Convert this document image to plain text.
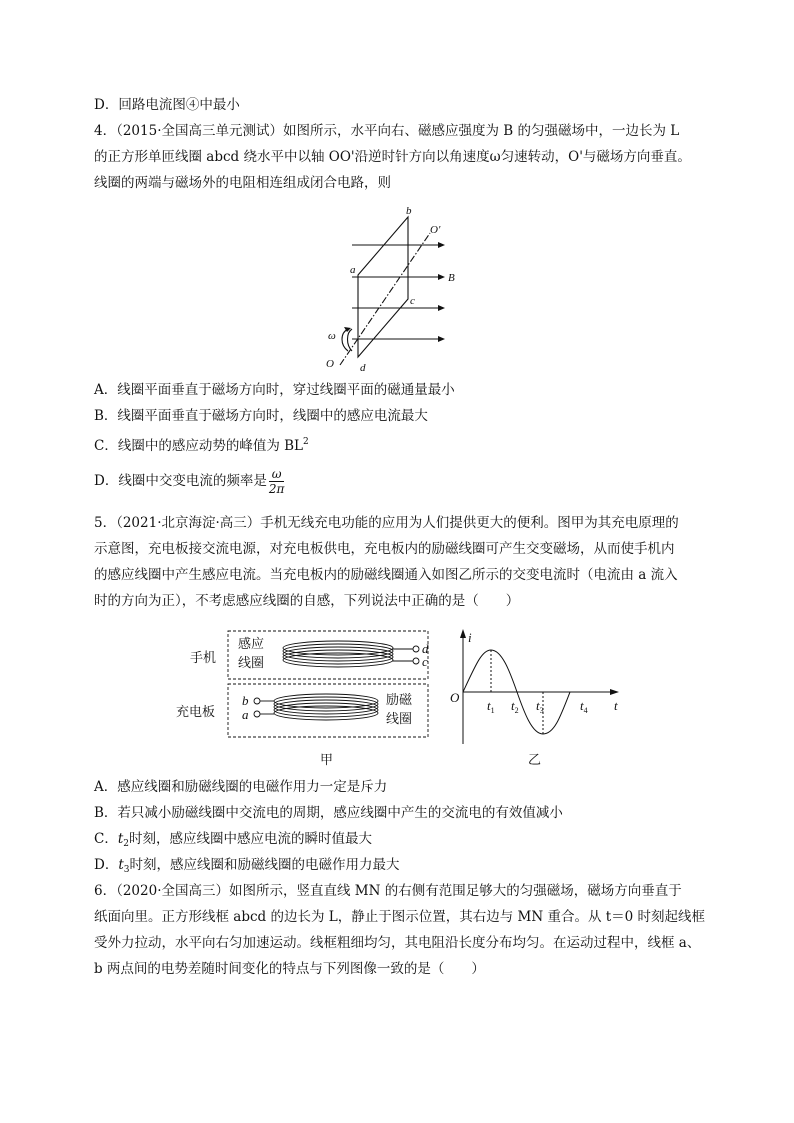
D．回路电流图④中最小
4．（2015·全国高三单元测试）如图所示，水平向右、磁感应强度为 B 的匀强磁场中，一边长为 L
的正方形单匝线圈 abcd 绕水平中以轴 OO'沿逆时针方向以角速度ω匀速转动，O'与磁场方向垂直。
线圈的两端与磁场外的电阻相连组成闭合电路，则
b
O'
a
B
c
ω
O d
A．线圈平面垂直于磁场方向时，穿过线圈平面的磁通量最小
B．线圈平面垂直于磁场方向时，线圈中的感应电流最大
C．线圈中的感应动势的峰值为 $BL^2$
D．线圈中交变电流的频率是 $\frac{\omega}{2\pi}$
5．（2021·北京海淀·高三）手机无线充电功能的应用为人们提供更大的便利。图甲为其充电原理的
示意图，充电板接交流电源，对充电板供电，充电板内的励磁线圈可产生交变磁场，从而使手机内
的感应线圈中产生感应电流。当充电板内的励磁线圈通入如图乙所示的交变电流时（电流由 a 流入
时的方向为正），不考虑感应线圈的自感，下列说法中正确的是（　　）
感应
线圈
手机
充电板
励磁
线圈
甲
d
c
b
a
i
O
t
$t_1$ $t_2$ $t_3$	$t_4$
乙
A．感应线圈和励磁线圈的电磁作用力一定是斥力
B．若只减小励磁线圈中交流电的周期，感应线圈中产生的交流电的有效值减小
C．$t_2$时刻，感应线圈中感应电流的瞬时值最大
D．$t_3$时刻，感应线圈和励磁线圈的电磁作用力最大
6．（2020·全国高三）如图所示，竖直直线 MN 的右侧有范围足够大的匀强磁场，磁场方向垂直于
纸面向里。正方形线框 abcd 的边长为 L，静止于图示位置，其右边与 MN 重合。从 t＝0 时刻起线框
受外力拉动，水平向右匀加速运动。线框粗细均匀，其电阻沿长度分布均匀。在运动过程中，线框 a、
b 两点间的电势差随时间变化的特点与下列图像一致的是（　　）
